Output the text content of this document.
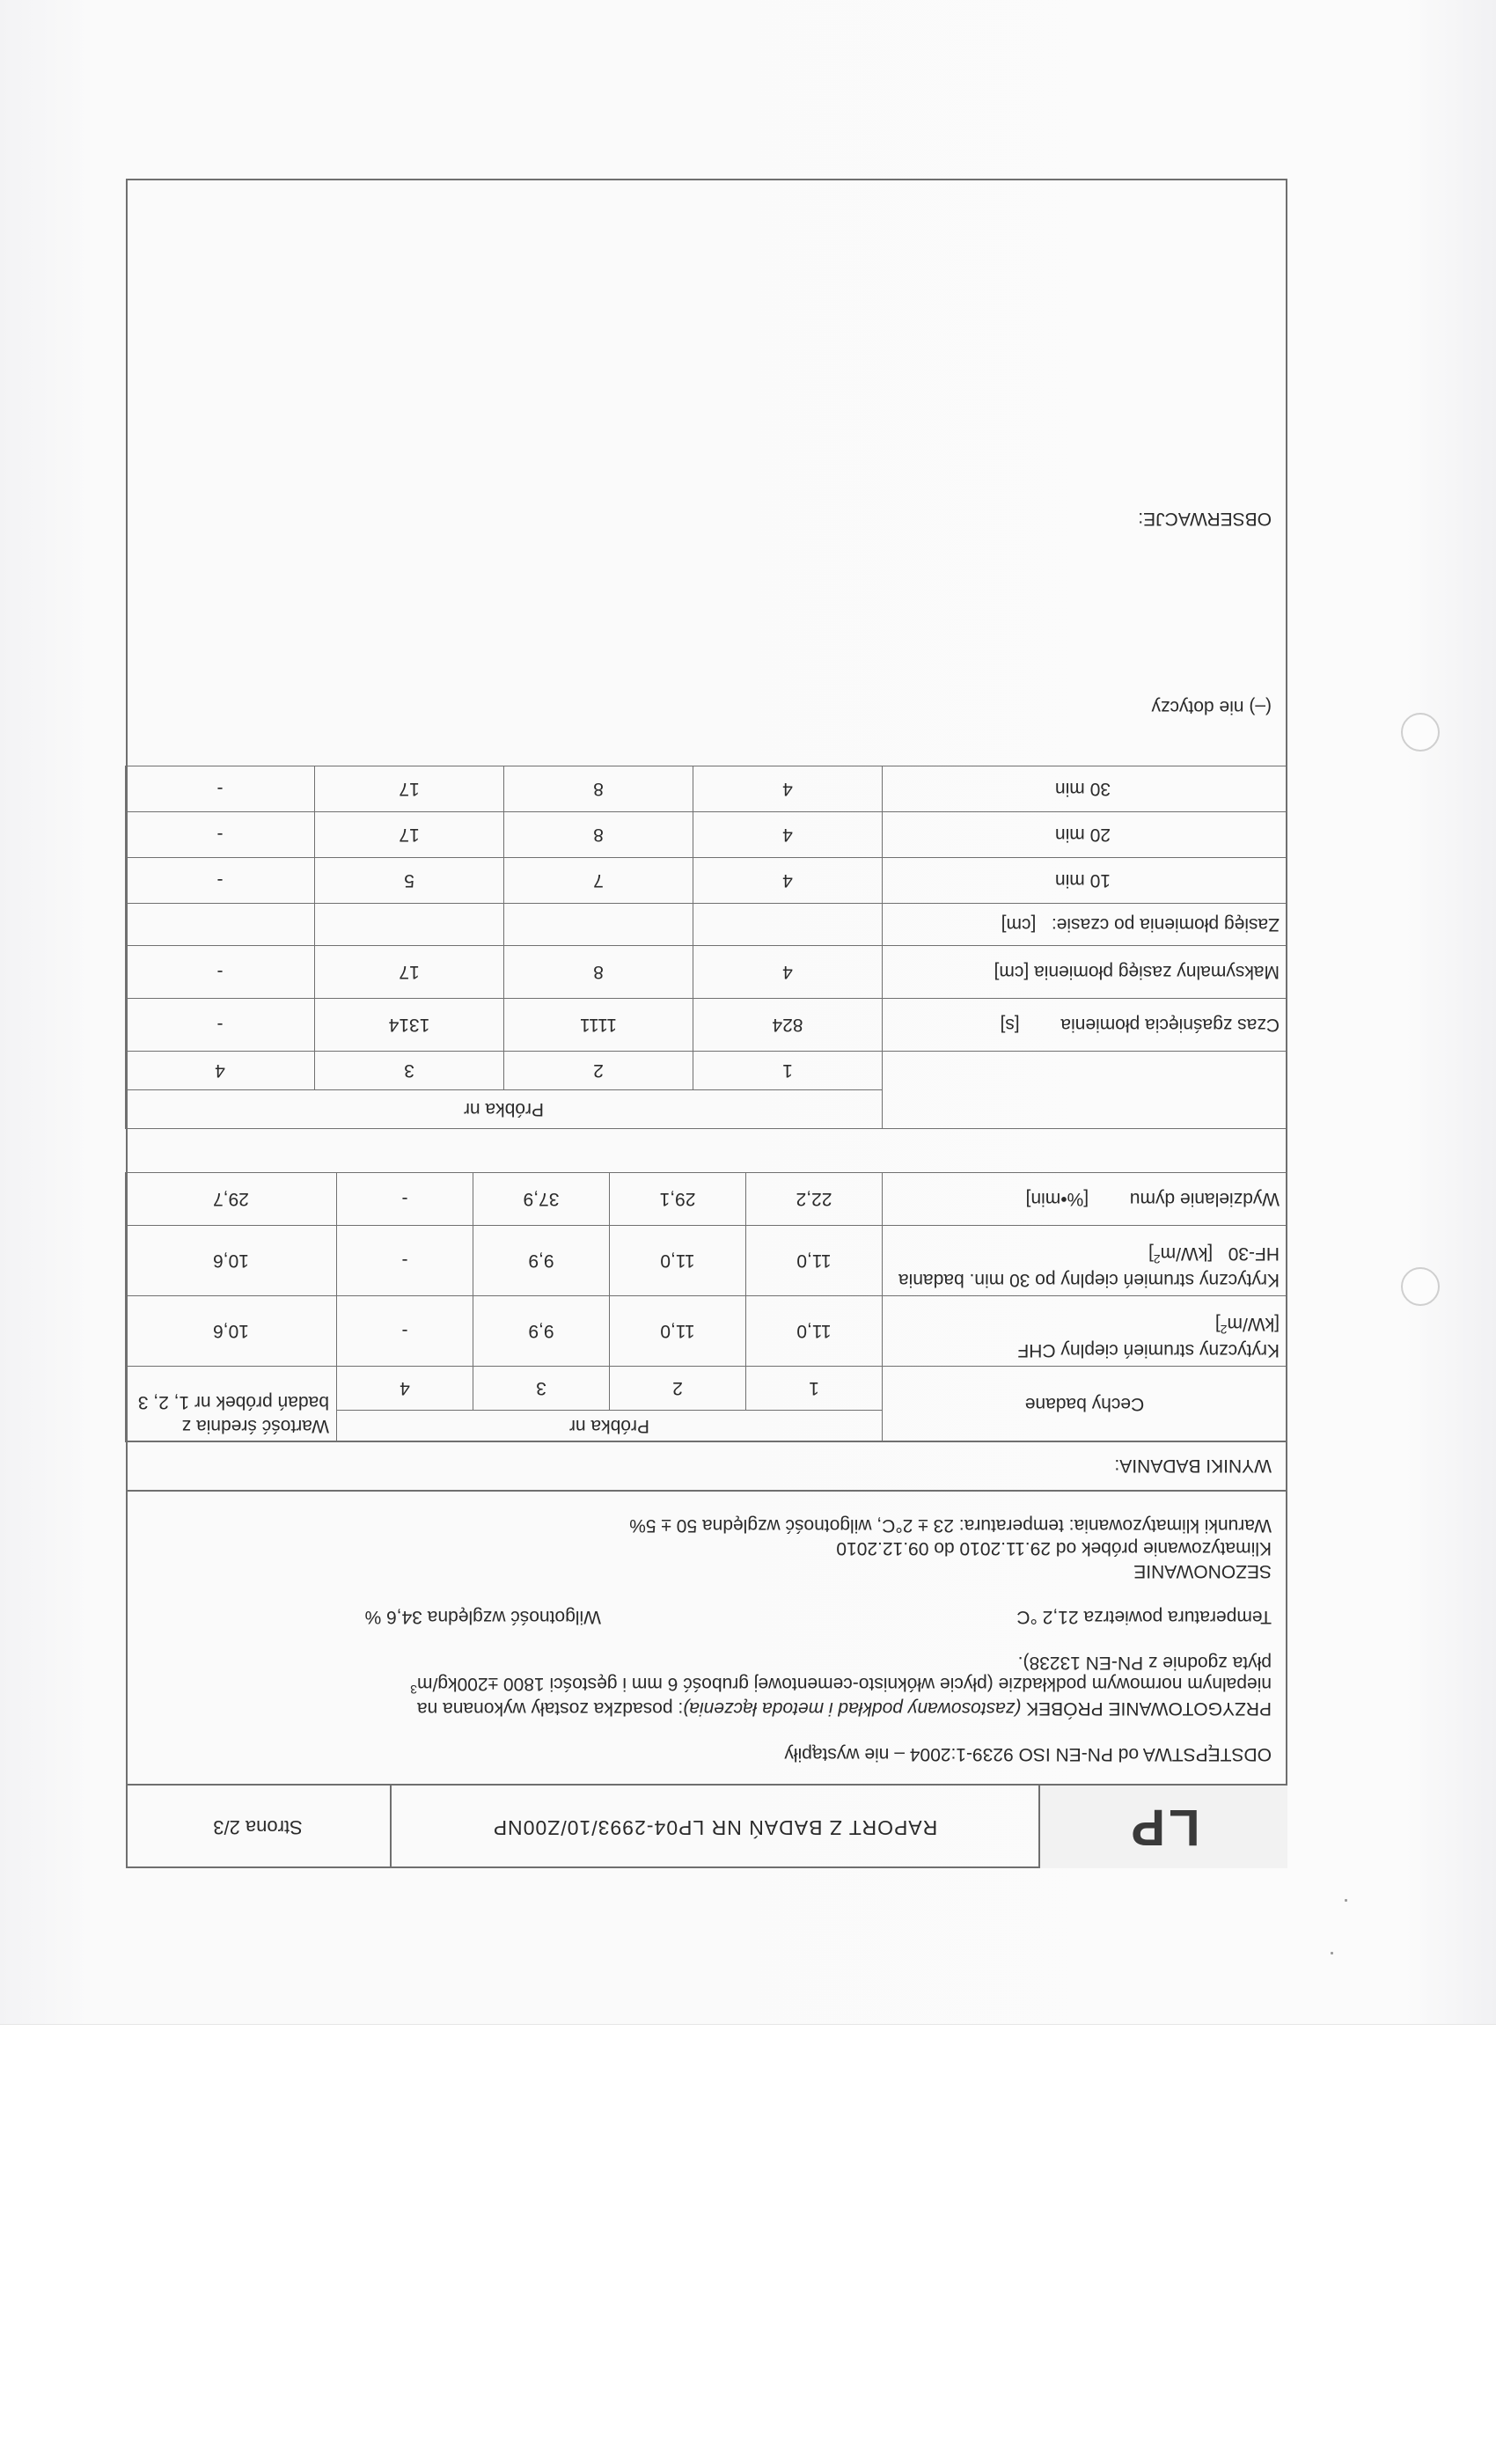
LP
RAPORT Z BADAŃ NR LP04-2993/10/Z00NP
Strona 2/3
ODSTĘPSTWA od PN-EN ISO 9239-1:2004 – nie wystąpiły
PRZYGOTOWANIE PRÓBEK (zastosowany podkład i metoda łączenia): posadzka zostały wykonana na
niepalnym normowym podkładzie (płycie włóknisto-cementowej grubość 6 mm i gęstości $1800 \pm 200kg/m^3$
płyta zgodnie z PN-EN 13238).
Temperatura powietrza 21,2 °C
Wilgotność względna 34,6 %
SEZONOWANIE
Klimatyzowanie próbek od 29.11.2010 do 09.12.2010
Warunki klimatyzowania: temperatura: 23 ± 2°C, wilgotność względna 50 ± 5%
WYNIKI BADANIA:
Cechy badane	Próbka nr				Wartość średnia z badań próbek nr 1, 2, 3
	1	2	3	4	
Krytyczny strumień cieplny CHF
$[kW/m^2]$	11,0	11,0	9,9	-	10,6
Krytyczny strumień cieplny po 30 min. badania HF-30   $[kW/m^2]$	11,0	11,0	9,9	-	10,6
Wydzielanie dymu        [%•min]	22,2	29,1	37,9	-	29,7
	Próbka nr			
	1	2	3	4
Czas zgaśnięcia płomienia        [s]	824	1111	1314	-
Maksymalny zasięg płomienia [cm]	4	8	17	-
Zasięg płomienia po czasie:   [cm]				
10 min	4	7	5	-
20 min	4	8	17	-
30 min	4	8	17	-
(–) nie dotyczy
OBSERWACJE:
